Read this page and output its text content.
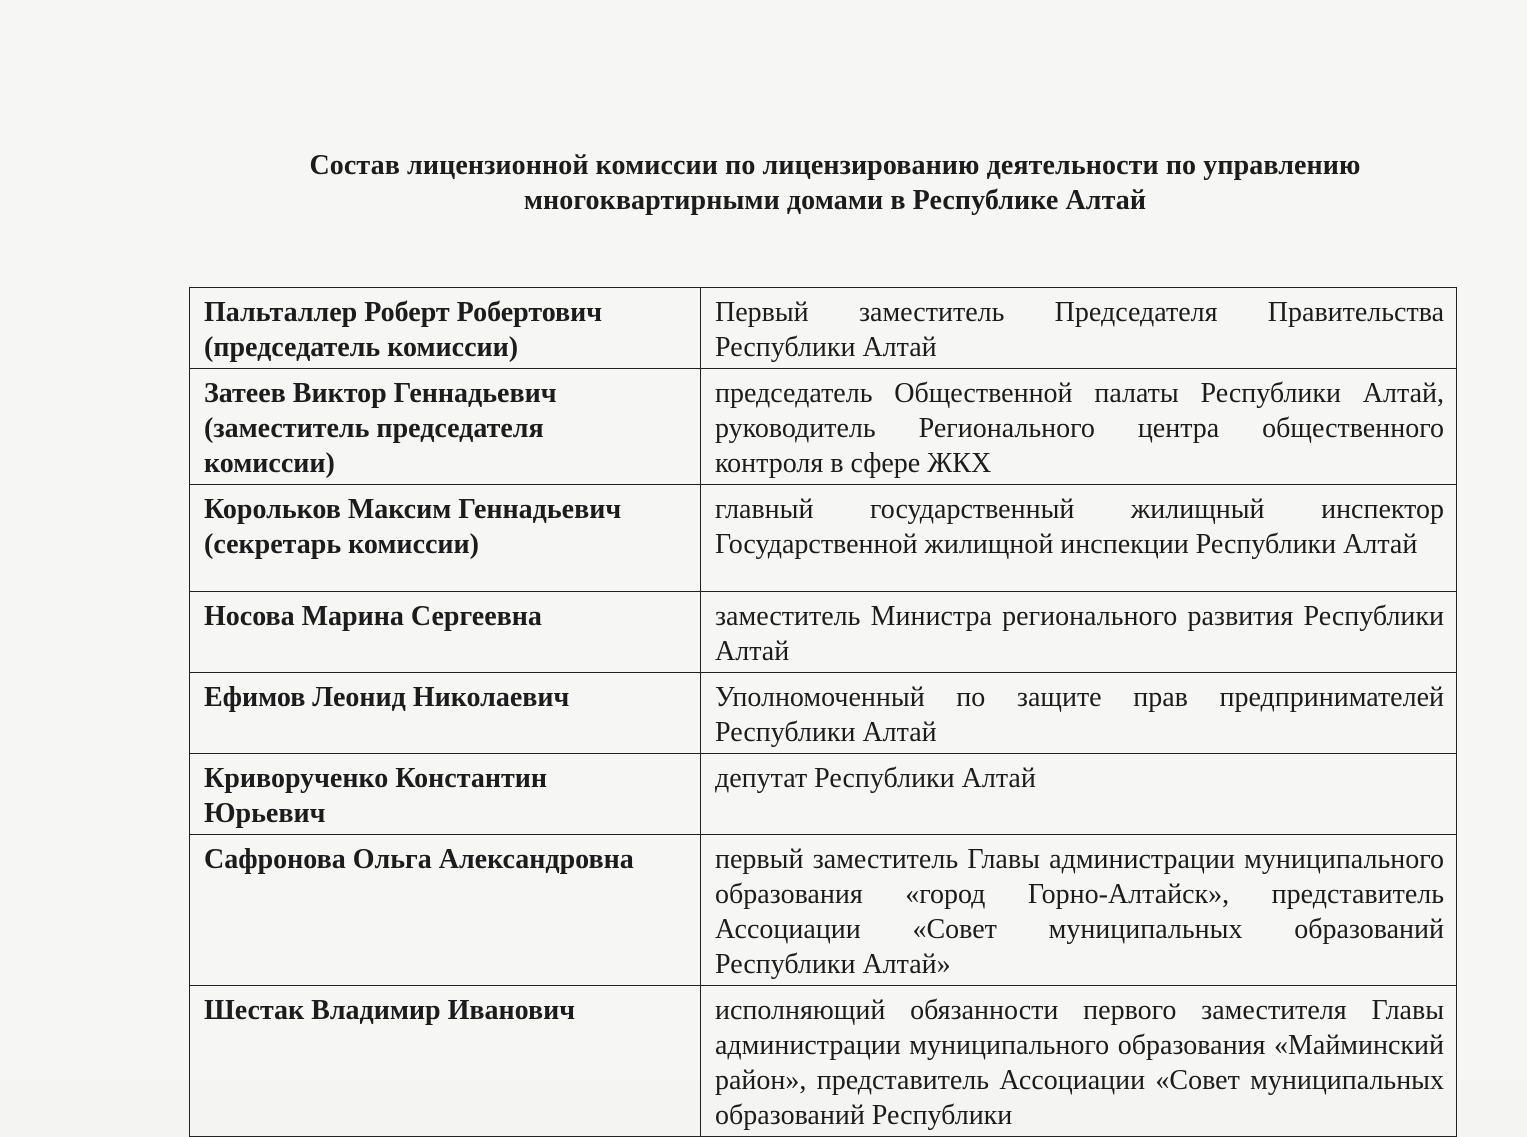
Состав лицензионной комиссии по лицензированию деятельности по управлению
многоквартирными домами в Республике Алтай
Пальталлер Роберт Робертович
(председатель комиссии)	Первый заместитель Председателя Правительства Республики Алтай

Затеев Виктор Геннадьевич
(заместитель председателя
комиссии)	председатель Общественной палаты Республики Алтай, руководитель Регионального центра общественного контроля в сфере ЖКХ

Корольков Максим Геннадьевич
(секретарь комиссии)	главный государственный жилищный инспектор Государственной жилищной инспекции Республики Алтай

Носова Марина Сергеевна	заместитель Министра регионального развития Республики Алтай

Ефимов Леонид Николаевич	Уполномоченный по защите прав предпринимателей Республики Алтай

Криворученко Константин
Юрьевич	депутат Республики Алтай

Сафронова Ольга Александровна	первый заместитель Главы администрации муниципального образования «город Горно-Алтайск», представитель Ассоциации «Совет муниципальных образований Республики Алтай»

Шестак Владимир Иванович	исполняющий обязанности первого заместителя Главы администрации муниципального образования «Майминский район», представитель Ассоциации «Совет муниципальных образований Республики
